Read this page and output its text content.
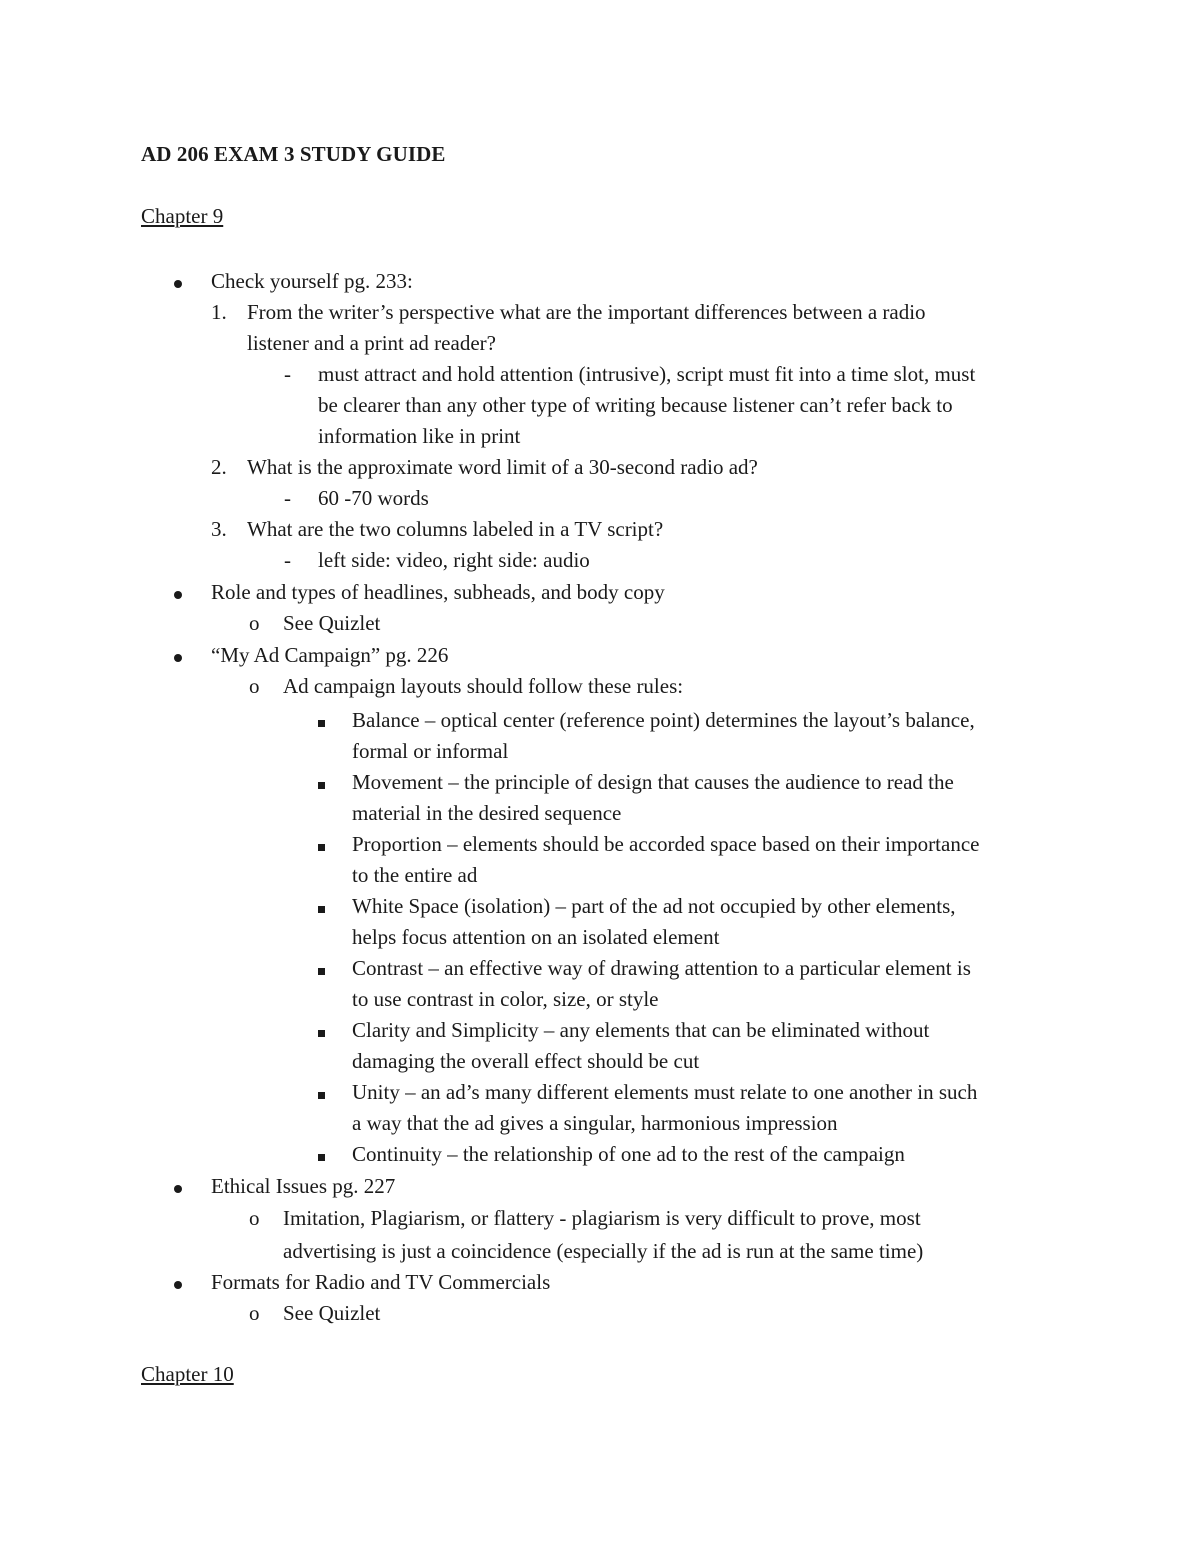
AD 206 EXAM 3 STUDY GUIDE
Chapter 9
Check yourself pg. 233:
1. From the writer’s perspective what are the important differences between a radio
listener and a print ad reader?
- must attract and hold attention (intrusive), script must fit into a time slot, must
be clearer than any other type of writing because listener can’t refer back to
information like in print
2. What is the approximate word limit of a 30-second radio ad?
- 60 -70 words
3. What are the two columns labeled in a TV script?
- left side: video, right side: audio
Role and types of headlines, subheads, and body copy
o See Quizlet
“My Ad Campaign” pg. 226
o Ad campaign layouts should follow these rules:
Balance – optical center (reference point) determines the layout’s balance,
formal or informal
Movement – the principle of design that causes the audience to read the
material in the desired sequence
Proportion – elements should be accorded space based on their importance
to the entire ad
White Space (isolation) – part of the ad not occupied by other elements,
helps focus attention on an isolated element
Contrast – an effective way of drawing attention to a particular element is
to use contrast in color, size, or style
Clarity and Simplicity – any elements that can be eliminated without
damaging the overall effect should be cut
Unity – an ad’s many different elements must relate to one another in such
a way that the ad gives a singular, harmonious impression
Continuity – the relationship of one ad to the rest of the campaign
Ethical Issues pg. 227
o Imitation, Plagiarism, or flattery - plagiarism is very difficult to prove, most
advertising is just a coincidence (especially if the ad is run at the same time)
Formats for Radio and TV Commercials
o See Quizlet
Chapter 10
